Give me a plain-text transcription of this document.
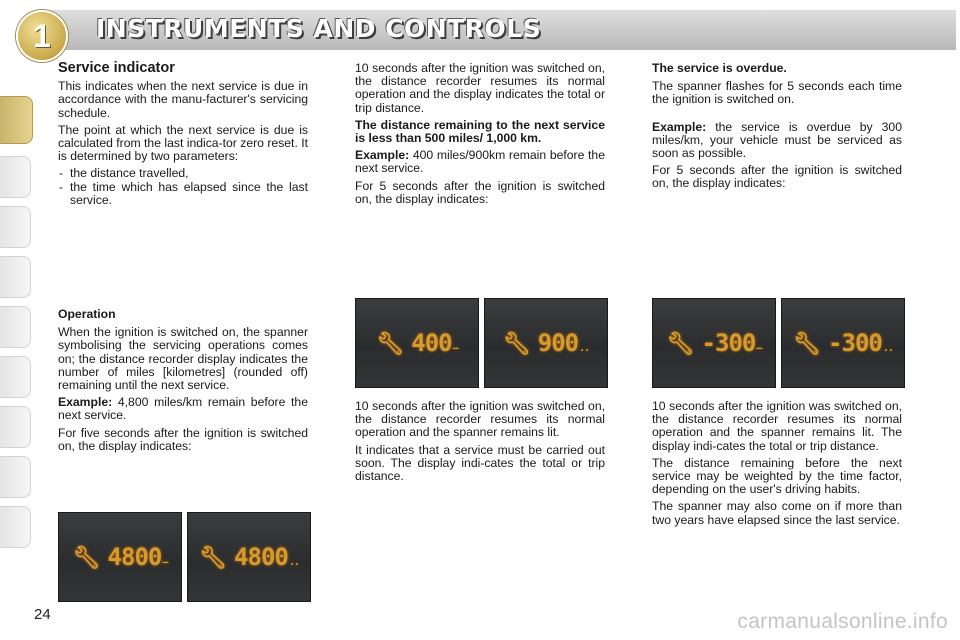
1	INSTRUMENTS AND CONTROLS
Service indicator

This indicates when the next service is due in accordance with the manu-facturer's servicing schedule.

The point at which the next service is due is calculated from the last indica-tor zero reset. It is determined by two parameters:

- the distance travelled,
- the time which has elapsed since the last service.
Operation

When the ignition is switched on, the spanner symbolising the servicing operations comes on; the distance recorder display indicates the number of miles [kilometres] (rounded off) remaining until the next service.

Example: 4,800 miles/km remain before the next service.

For five seconds after the ignition is switched on, the display indicates:

10 seconds after the ignition was switched on, the distance recorder resumes its normal operation and the display indicates the total or trip distance.

The distance remaining to the next service is less than 500 miles/ 1,000 km.

Example: 400 miles/900km remain before the next service.

For 5 seconds after the ignition is switched on, the display indicates:

10 seconds after the ignition was switched on, the distance recorder resumes its normal operation and the spanner remains lit.

It indicates that a service must be carried out soon. The display indi-cates the total or trip distance.

The service is overdue.

The spanner flashes for 5 seconds each time the ignition is switched on.

Example: the service is overdue by 300 miles/km, your vehicle must be serviced as soon as possible.

For 5 seconds after the ignition is switched on, the display indicates:

10 seconds after the ignition was switched on, the distance recorder resumes its normal operation and the spanner remains lit. The display indi-cates the total or trip distance.

The distance remaining before the next service may be weighted by the time factor, depending on the user's driving habits.

The spanner may also come on if more than two years have elapsed since the last service.

🔧︎ 4800 – 🔧︎ 4800 ..
🔧︎ 400 – 🔧︎ 900 ..	🔧︎ -300 – 🔧︎ -300 ..
24	carmanualsonline.info
